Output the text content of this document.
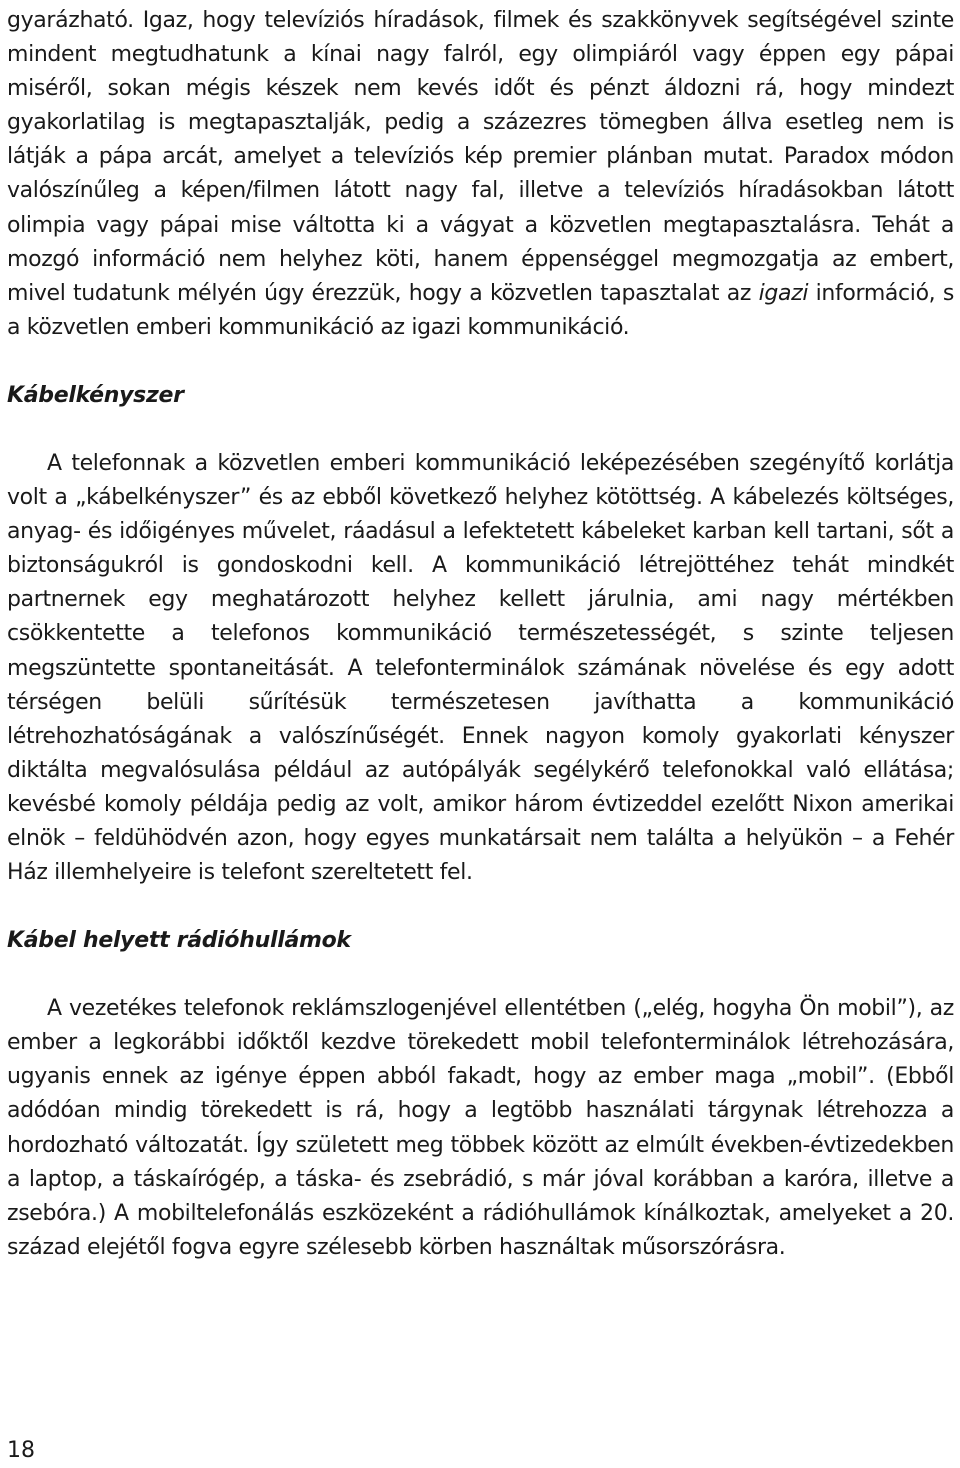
gyarázható. Igaz, hogy televíziós híradások, filmek és szakkönyvek segítségével szinte mindent megtudhatunk a kínai nagy falról, egy olimpiáról vagy éppen egy pápai miséről, sokan mégis készek nem kevés időt és pénzt áldozni rá, hogy mindezt gyakorlatilag is megtapasztalják, pedig a százezres tömegben állva esetleg nem is látják a pápa arcát, amelyet a televíziós kép premier plánban mutat. Paradox módon valószínűleg a képen/filmen látott nagy fal, illetve a televíziós híradásokban látott olimpia vagy pápai mise váltotta ki a vágyat a közvetlen megtapasztalásra. Tehát a mozgó információ nem helyhez köti, hanem éppenséggel megmozgatja az embert, mivel tudatunk mélyén úgy érezzük, hogy a közvetlen tapasztalat az igazi információ, s a közvetlen emberi kommunikáció az igazi kommunikáció.

Kábelkényszer

A telefonnak a közvetlen emberi kommunikáció leképezésében szegényítő korlátja volt a „kábelkényszer” és az ebből következő helyhez kötöttség. A kábelezés költséges, anyag- és időigényes művelet, ráadásul a lefektetett kábeleket karban kell tartani, sőt a biztonságukról is gondoskodni kell. A kommunikáció létrejöttéhez tehát mindkét partnernek egy meghatározott helyhez kellett járulnia, ami nagy mértékben csökkentette a telefonos kommunikáció természetességét, s szinte teljesen megszüntette spontaneitását. A telefonterminálok számának növelése és egy adott térségen belüli sűrítésük természetesen javíthatta a kommunikáció létrehozhatóságának a valószínűségét. Ennek nagyon komoly gyakorlati kényszer diktálta megvalósulása például az autópályák segélykérő telefonokkal való ellátása; kevésbé komoly példája pedig az volt, amikor három évtizeddel ezelőtt Nixon amerikai elnök – feldühödvén azon, hogy egyes munkatársait nem találta a helyükön – a Fehér Ház illemhelyeire is telefont szereltetett fel.

Kábel helyett rádióhullámok

A vezetékes telefonok reklámszlogenjével ellentétben („elég, hogyha Ön mobil”), az ember a legkorábbi időktől kezdve törekedett mobil telefonterminálok létrehozására, ugyanis ennek az igénye éppen abból fakadt, hogy az ember maga „mobil”. (Ebből adódóan mindig törekedett is rá, hogy a legtöbb használati tárgynak létrehozza a hordozható változatát. Így született meg többek között az elmúlt években-évtizedekben a laptop, a táskaírógép, a táska- és zsebrádió, s már jóval korábban a karóra, illetve a zsebóra.) A mobiltelefonálás eszközeként a rádióhullámok kínálkoztak, amelyeket a 20. század elejétől fogva egyre szélesebb körben használtak műsorszórásra.

18
